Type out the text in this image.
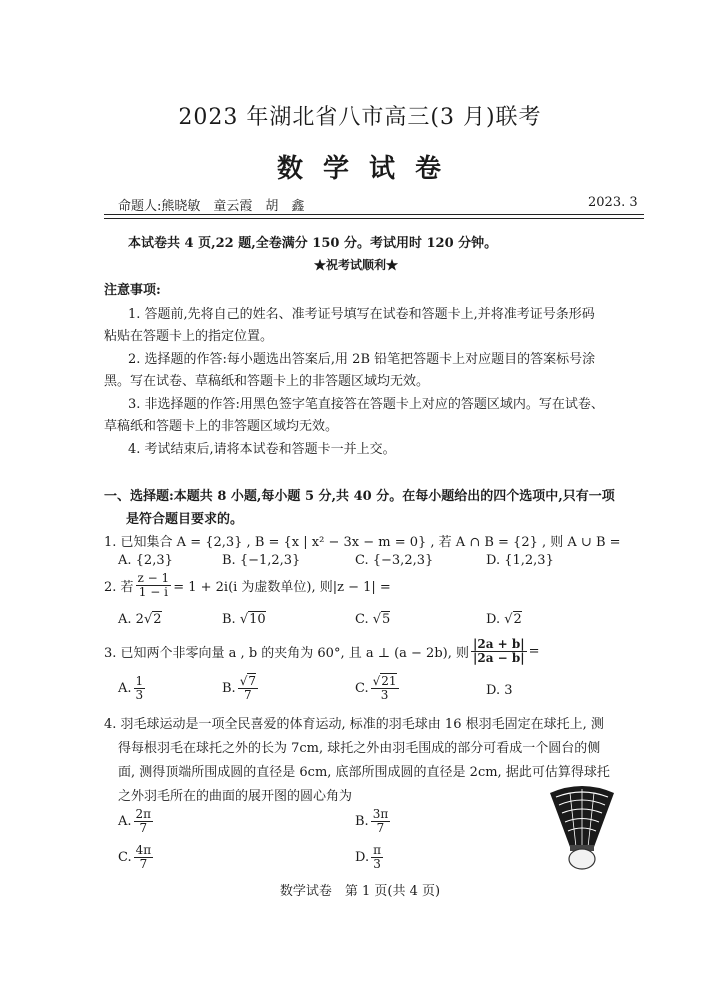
2023 年湖北省八市高三(3 月)联考
数学试卷
命题人:熊晓敏　童云霞　胡　鑫	2023. 3
本试卷共 4 页,22 题,全卷满分 150 分。考试用时 120 分钟。
★祝考试顺利★
注意事项:
1. 答题前,先将自己的姓名、准考证号填写在试卷和答题卡上,并将准考证号条形码
粘贴在答题卡上的指定位置。
2. 选择题的作答:每小题选出答案后,用 2B 铅笔把答题卡上对应题目的答案标号涂
黑。写在试卷、草稿纸和答题卡上的非答题区域均无效。
3. 非选择题的作答:用黑色签字笔直接答在答题卡上对应的答题区域内。写在试卷、
草稿纸和答题卡上的非答题区域均无效。
4. 考试结束后,请将本试卷和答题卡一并上交。
一、选择题:本题共 8 小题,每小题 5 分,共 40 分。在每小题给出的四个选项中,只有一项
是符合题目要求的。
1. 已知集合 A = {2,3} , B = {x | x² − 3x − m = 0} , 若 A ∩ B = {2} , 则 A ∪ B =
A. {2,3}	B. {−1,2,3}	C. {−3,2,3}	D. {1,2,3}
2. 若 $\frac{z - 1}{1 - i} = 1 + 2i(i$ 为虚数单位), 则|z − 1| =
A. 2√2	B. √10	C. √5	D. √2
3. 已知两个非零向量 a , b 的夹角为 60°, 且 a ⊥ (a − 2b), 则 $\frac{|2a + b|}{|2a - b|}$ =
A. $\frac{1}{3}$	B. $\frac{√7}{7}$	C. $\frac{√21}{3}$	D. 3
4. 羽毛球运动是一项全民喜爱的体育运动, 标准的羽毛球由 16 根羽毛固定在球托上, 测
得每根羽毛在球托之外的长为 7cm, 球托之外由羽毛围成的部分可看成一个圆台的侧
面, 测得顶端所围成圆的直径是 6cm, 底部所围成圆的直径是 2cm, 据此可估算得球托
之外羽毛所在的曲面的展开图的圆心角为
A. $\frac{2\pi}{7}$	B. $\frac{3\pi}{7}$
C. $\frac{4\pi}{7}$	D. $\frac{\pi}{3}$
数学试卷　第 1 页(共 4 页)
